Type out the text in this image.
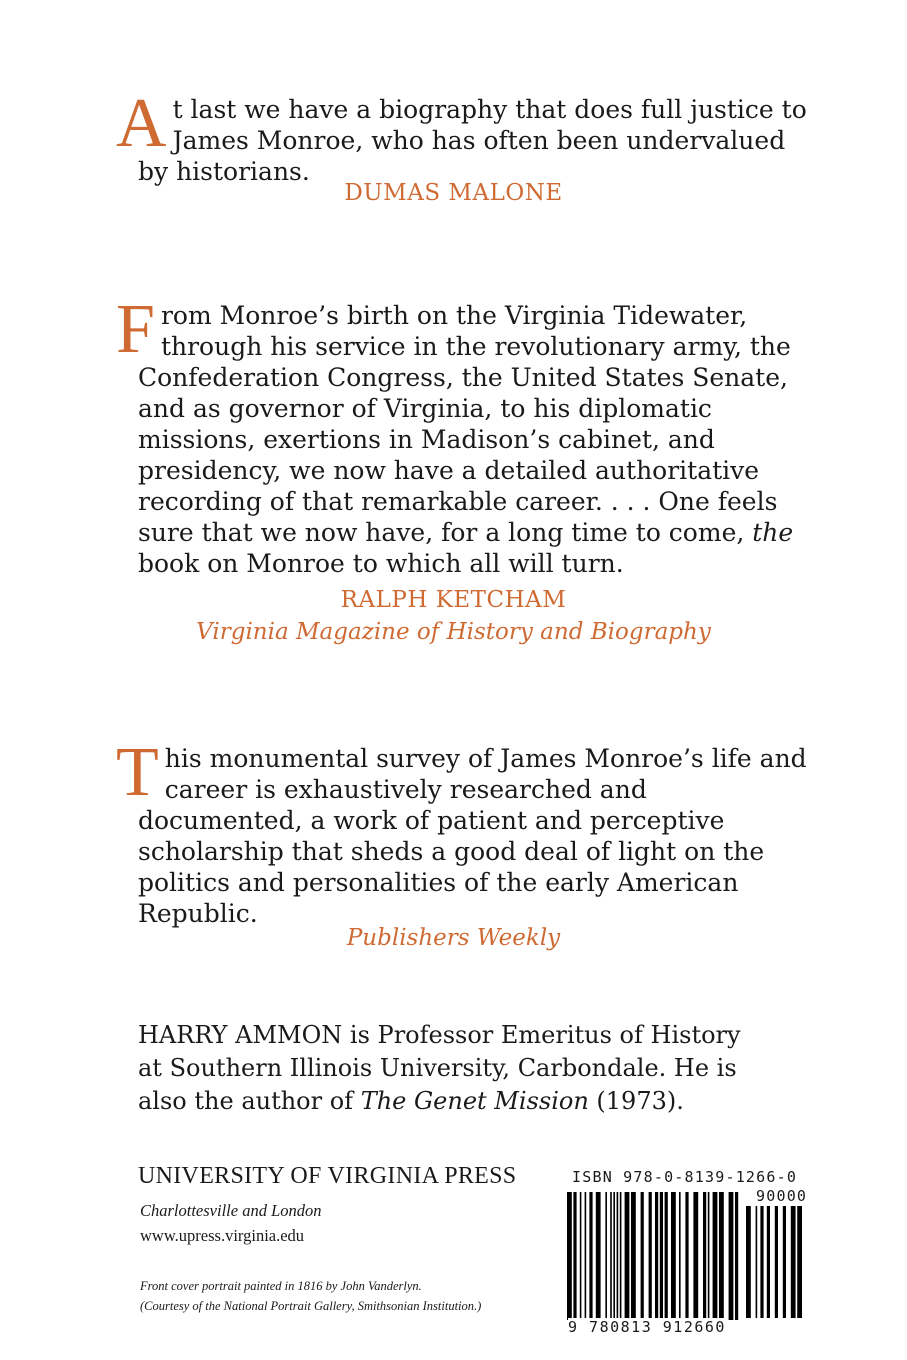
A t last we have a biography that does full justice to James Monroe, who has often been undervalued by historians.
DUMAS MALONE
F rom Monroe’s birth on the Virginia Tidewater, through his service in the revolutionary army, the Confederation Congress, the United States Senate, and as governor of Virginia, to his diplomatic missions, exertions in Madison’s cabinet, and presidency, we now have a detailed authoritative recording of that remarkable career. . . . One feels sure that we now have, for a long time to come, the book on Monroe to which all will turn.
RALPH KETCHAM
Virginia Magazine of History and Biography
T his monumental survey of James Monroe’s life and career is exhaustively researched and documented, a work of patient and perceptive scholarship that sheds a good deal of light on the politics and personalities of the early American Republic.
Publishers Weekly
HARRY AMMON is Professor Emeritus of History at Southern Illinois University, Carbondale. He is also the author of The Genet Mission (1973).
UNIVERSITY OF VIRGINIA PRESS
Charlottesville and London
www.upress.virginia.edu
Front cover portrait painted in 1816 by John Vanderlyn.
(Courtesy of the National Portrait Gallery, Smithsonian Institution.)
ISBN 978-0-8139-1266-0
90000
9 780813 912660
